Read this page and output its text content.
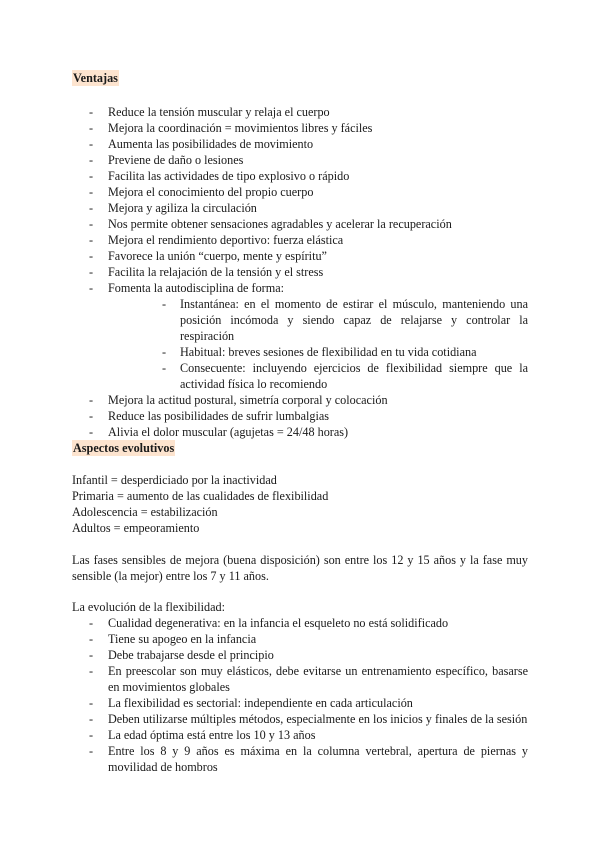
Ventajas
- Reduce la tensión muscular y relaja el cuerpo
- Mejora la coordinación = movimientos libres y fáciles
- Aumenta las posibilidades de movimiento
- Previene de daño o lesiones
- Facilita las actividades de tipo explosivo o rápido
- Mejora el conocimiento del propio cuerpo
- Mejora y agiliza la circulación
- Nos permite obtener sensaciones agradables y acelerar la recuperación
- Mejora el rendimiento deportivo: fuerza elástica
- Favorece la unión “cuerpo, mente y espíritu”
- Facilita la relajación de la tensión y el stress
- Fomenta la autodisciplina de forma:
- Instantánea: en el momento de estirar el músculo, manteniendo una posición incómoda y siendo capaz de relajarse y controlar la respiración
- Habitual: breves sesiones de flexibilidad en tu vida cotidiana
- Consecuente: incluyendo ejercicios de flexibilidad siempre que la actividad física lo recomiendo
- Mejora la actitud postural, simetría corporal y colocación
- Reduce las posibilidades de sufrir lumbalgias
- Alivia el dolor muscular (agujetas = 24/48 horas)
Aspectos evolutivos

Infantil = desperdiciado por la inactividad

Primaria = aumento de las cualidades de flexibilidad

Adolescencia = estabilización

Adultos = empeoramiento

Las fases sensibles de mejora (buena disposición) son entre los 12 y 15 años y la fase muy sensible (la mejor) entre los 7 y 11 años.

La evolución de la flexibilidad:

- Cualidad degenerativa: en la infancia el esqueleto no está solidificado
- Tiene su apogeo en la infancia
- Debe trabajarse desde el principio
- En preescolar son muy elásticos, debe evitarse un entrenamiento específico, basarse en movimientos globales
- La flexibilidad es sectorial: independiente en cada articulación
- Deben utilizarse múltiples métodos, especialmente en los inicios y finales de la sesión
- La edad óptima está entre los 10 y 13 años
- Entre los 8 y 9 años es máxima en la columna vertebral, apertura de piernas y movilidad de hombros
